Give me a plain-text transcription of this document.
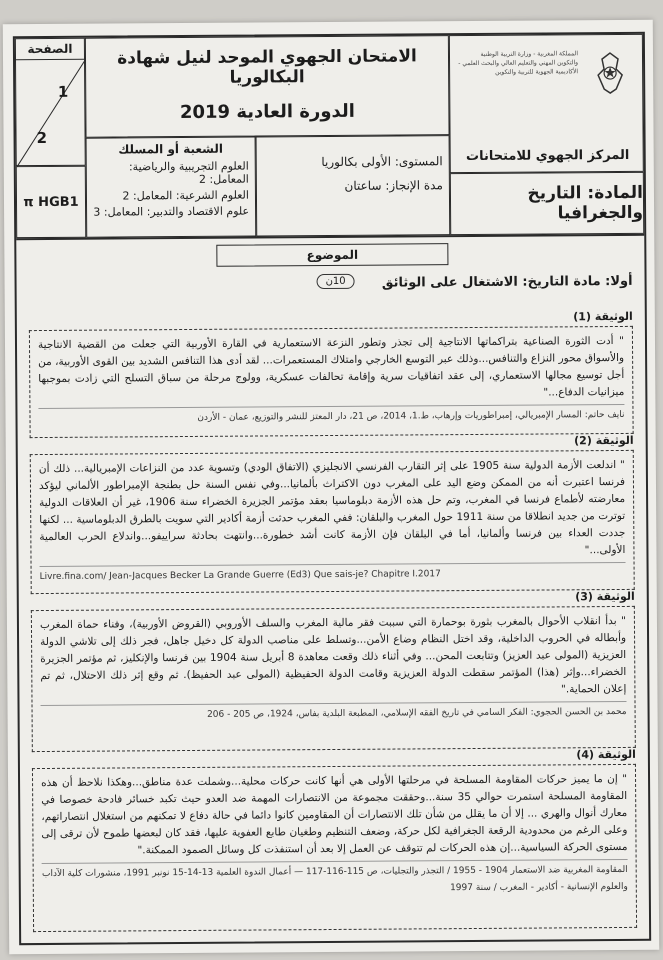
الصفحة
1
2
π HGB1
الامتحان الجهوي الموحد لنيل شهادة البكالوريا
الدورة العادية 2019
المملكة المغربية - وزارة التربية الوطنية والتكوين المهني والتعليم العالي والبحث العلمي - الأكاديمية الجهوية للتربية والتكوين
المركز الجهوي للامتحانات
الشعبة أو المسلك
العلوم التجريبية والرياضية: المعامل: 2
العلوم الشرعية: المعامل: 2
علوم الاقتصاد والتدبير: المعامل: 3
المستوى: الأولى بكالوريا
مدة الإنجاز: ساعتان	المادة: التاريخ والجغرافيا
الموضوع
أولا: مادة التاريخ: الاشتغال على الوثائق
10ن
الوثيقة (1)
" أدت الثورة الصناعية بتراكماتها الانتاجية إلى تجذر وتطور النزعة الاستعمارية في القارة الأوربية التي جعلت من القضية الانتاجية والأسواق محور النزاع والتنافس...وذلك عبر التوسع الخارجي وامتلاك المستعمرات... لقد أدى هذا التنافس الشديد بين القوى الأوربية، من أجل توسيع مجالها الاستعماري، إلى عقد اتفاقيات سرية وإقامة تحالفات عسكرية، وولوج مرحلة من سباق التسلح التي زادت بموجبها ميزانيات الدفاع..."
نايف حاتم: المسار الإمبريالي، إمبراطوريات وإرهاب، ط.1، 2014، ص 21، دار المعتز للنشر والتوزيع، عمان - الأردن
الوثيقة (2)
" اندلعت الأزمة الدولية سنة 1905 على إثر التقارب الفرنسي الانجليزي (الاتفاق الودي) وتسوية عدد من النزاعات الإمبريالية... ذلك أن فرنسا اعتبرت أنه من الممكن وضع اليد على المغرب دون الاكتراث بألمانيا...وفي نفس السنة حل بطنجة الإمبراطور الألماني ليؤكد معارضته لأطماع فرنسا في المغرب، وتم حل هذه الأزمة دبلوماسيا بعقد مؤتمر الجزيرة الخضراء سنة 1906، غير أن العلاقات الدولية توترت من جديد انطلاقا من سنة 1911 حول المغرب والبلقان: ففي المغرب حدثت أزمة أكادير التي سويت بالطرق الدبلوماسية ... لكنها جددت العداء بين فرنسا وألمانيا، أما في البلقان فإن الأزمة كانت أشد خطورة...وانتهت بحادثة سراييفو...واندلاع الحرب العالمية الأولى..."
Livre.fina.com/ Jean-Jacques Becker La Grande Guerre (Ed3) Que sais-je? Chapitre I.2017
الوثيقة (3)
" بدأ انقلاب الأحوال بالمغرب بثورة بوحمارة التي سببت فقر مالية المغرب والسلف الأوروبي (القروض الأوربية)، وفناء حماة المغرب وأبطاله في الحروب الداخلية، وقد اختل النظام وضاع الأمن...وتسلط على مناصب الدولة كل دخيل جاهل، فجر ذلك إلى تلاشي الدولة العزيزية (المولى عبد العزيز) وتتابعت المحن... وفي أثناء ذلك وقعت معاهدة 8 أبريل سنة 1904 بين فرنسا والإنكليز، ثم مؤتمر الجزيرة الخضراء...وإثر (هذا) المؤتمر سقطت الدولة العزيزية وقامت الدولة الحفيظية (المولى عبد الحفيظ). ثم وقع إثر ذلك الاحتلال، ثم تم إعلان الحماية."
محمد بن الحسن الحجوي: الفكر السامي في تاريخ الفقه الإسلامي، المطبعة البلدية بفاس، 1924، ص 205 - 206
الوثيقة (4)
" إن ما يميز حركات المقاومة المسلحة في مرحلتها الأولى هي أنها كانت حركات محلية...وشملت عدة مناطق...وهكذا نلاحظ أن هذه المقاومة المسلحة استمرت حوالي 35 سنة...وحققت مجموعة من الانتصارات المهمة ضد العدو حيث تكبد خسائر فادحة خصوصا في معارك أنوال والهري ... إلا أن ما يقلل من شأن تلك الانتصارات أن المقاومين كانوا دائما في حالة دفاع لا تمكنهم من استغلال انتصاراتهم، وعلى الرغم من محدودية الرقعة الجغرافية لكل حركة، وضعف التنظيم وطغيان طابع العفوية عليها، فقد كان لبعضها طموح لأن ترقى إلى مستوى الحركة السياسية...إن هذه الحركات لم تتوقف عن العمل إلا بعد أن استنفذت كل وسائل الصمود الممكنة."
المقاومة المغربية ضد الاستعمار 1904 - 1955 / التجذر والتجليات، ص 115-116-117 — أعمال الندوة العلمية 13-14-15 نونبر 1991، منشورات كلية الآداب والعلوم الإنسانية - أكادير - المغرب / سنة 1997
